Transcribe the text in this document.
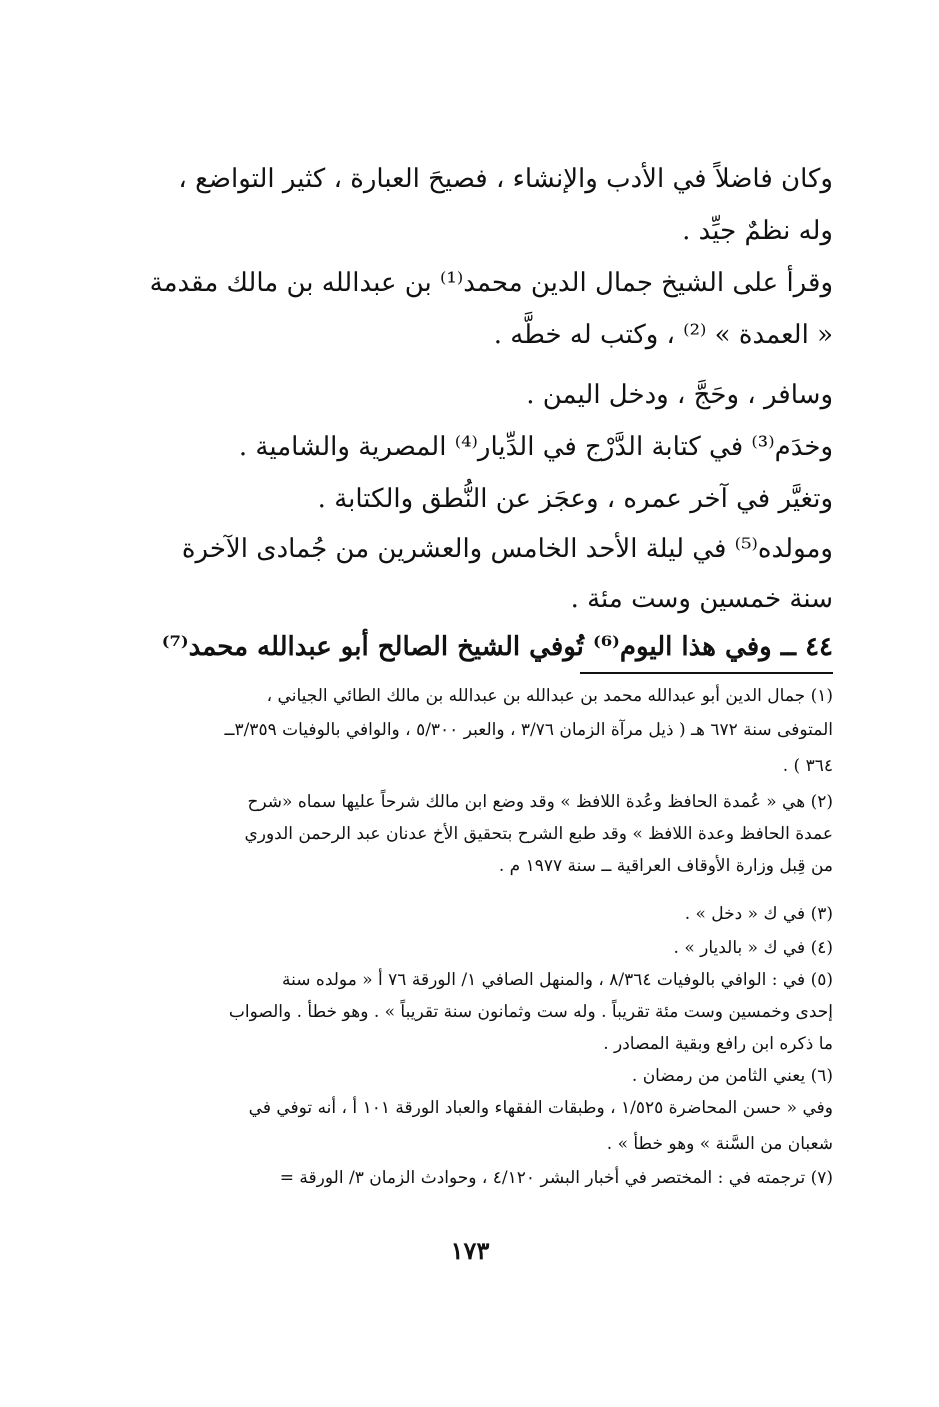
وكان فاضلاً في الأدب والإنشاء ، فصيحَ العبارة ، كثير التواضع ،
وله نظمٌ جيِّد .
وقرأ على الشيخ جمال الدين محمد⁽¹⁾ بن عبدالله بن مالك مقدمة
« العمدة » ⁽²⁾ ، وكتب له خطَّه .
وسافر ، وحَجَّ ، ودخل اليمن .
وخدَم⁽³⁾ في كتابة الدَّرْج في الدِّيار⁽⁴⁾ المصرية والشامية .
وتغيَّر في آخر عمره ، وعجَز عن النُّطق والكتابة .
ومولده⁽⁵⁾ في ليلة الأحد الخامس والعشرين من جُمادى الآخرة
سنة خمسين وست مئة .
٤٤ ــ وفي هذا اليوم⁽⁶⁾ تُوفي الشيخ الصالح أبو عبدالله محمد⁽⁷⁾
(١) جمال الدين أبو عبدالله محمد بن عبدالله بن عبدالله بن مالك الطائي الجياني ،
المتوفى سنة ٦٧٢ هـ ( ذيل مرآة الزمان ٣/٧٦ ، والعبر ٥/٣٠٠ ، والوافي بالوفيات ٣/٣٥٩ــ
٣٦٤ ) .
(٢) هي « عُمدة الحافظ وعُدة اللافظ » وقد وضع ابن مالك شرحاً عليها سماه «شرح
عمدة الحافظ وعدة اللافظ » وقد طبع الشرح بتحقيق الأخ عدنان عبد الرحمن الدوري
من قِبل وزارة الأوقاف العراقية ــ سنة ١٩٧٧ م .
(٣) في ك « دخل » .
(٤) في ك « بالديار » .
(٥) في : الوافي بالوفيات ٨/٣٦٤ ، والمنهل الصافي ١/ الورقة ٧٦ أ « مولده سنة
إحدى وخمسين وست مئة تقريباً . وله ست وثمانون سنة تقريباً » . وهو خطأ . والصواب
ما ذكره ابن رافع وبقية المصادر .
(٦) يعني الثامن من رمضان .
وفي « حسن المحاضرة ١/٥٢٥ ، وطبقات الفقهاء والعباد الورقة ١٠١ أ ، أنه توفي في
شعبان من السَّنة » وهو خطأ » .
(٧) ترجمته في : المختصر في أخبار البشر ٤/١٢٠ ، وحوادث الزمان ٣/ الورقة =
١٧٣
